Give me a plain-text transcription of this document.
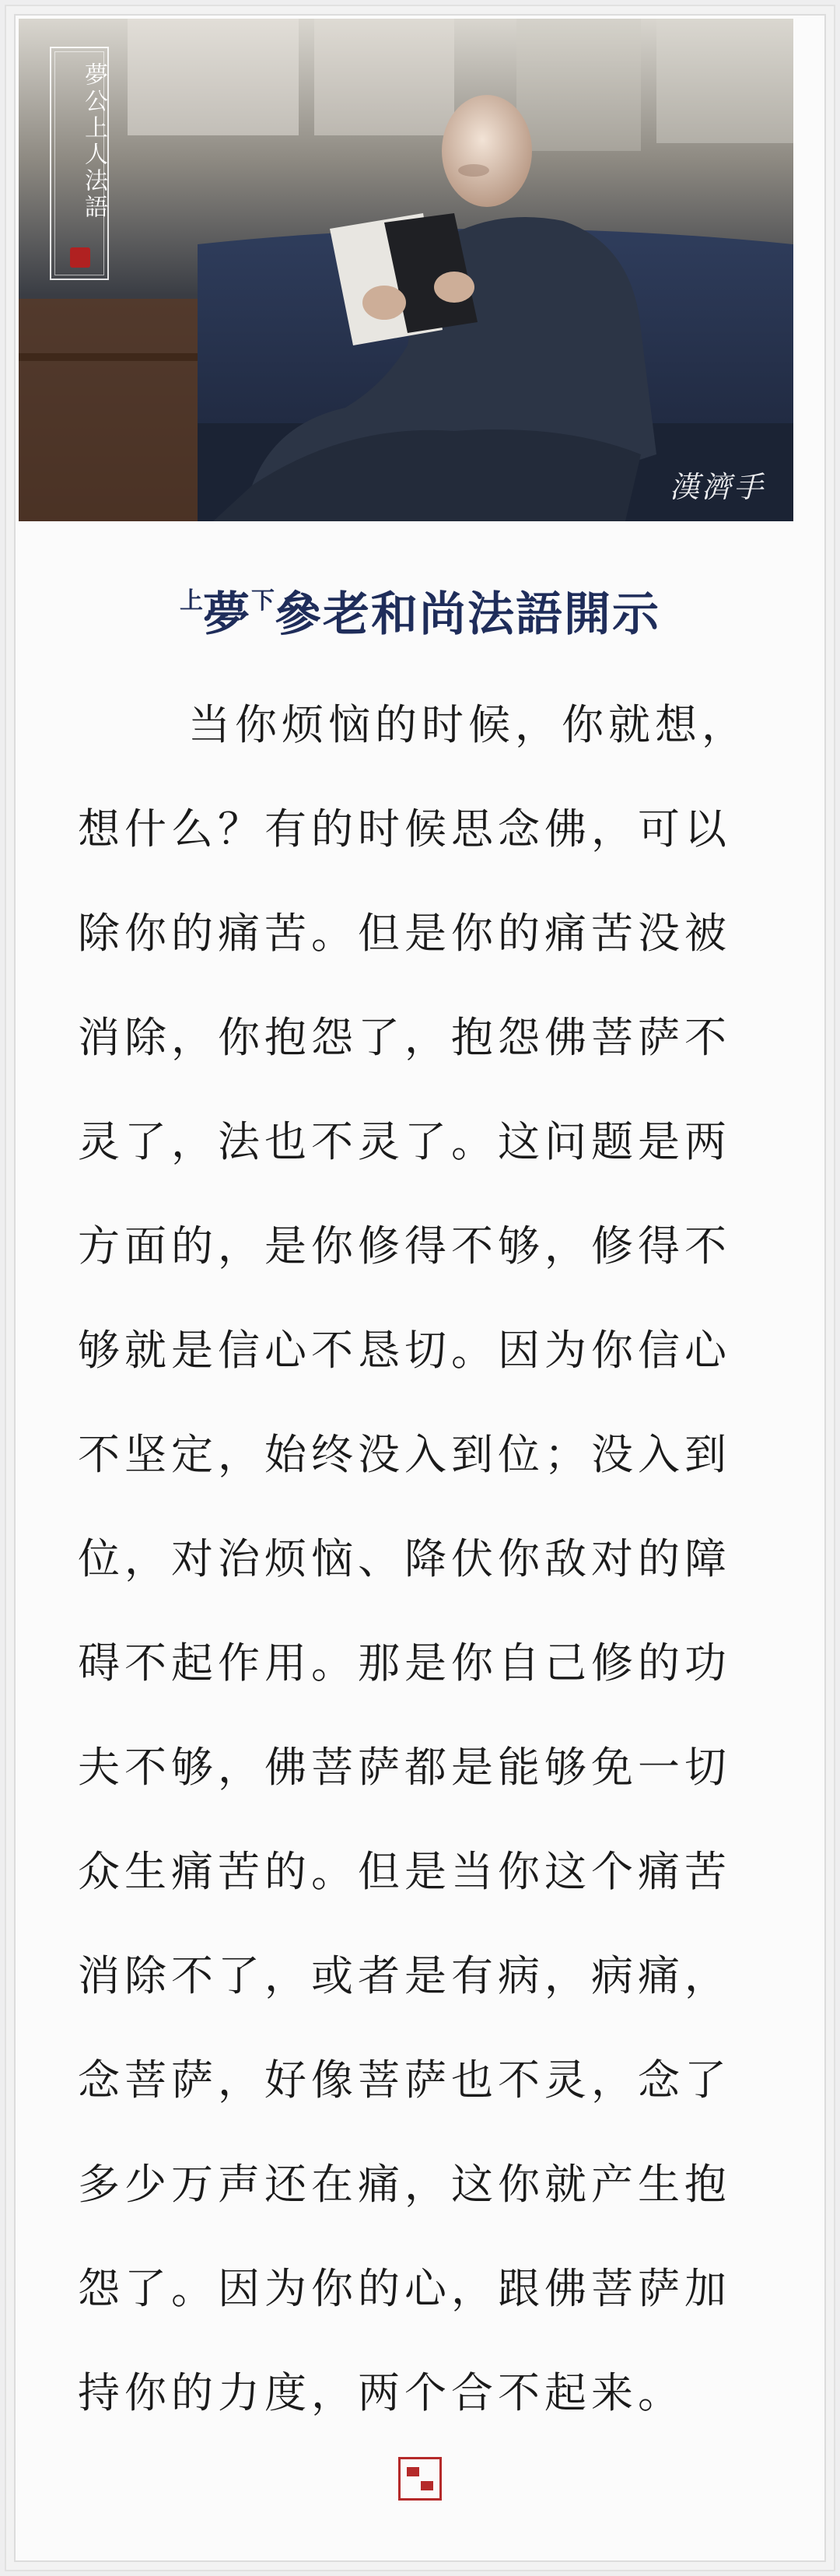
夢公上人法語
漢濟手
上夢下參老和尚法語開示
当你烦恼的时候，你就想，
想什么？有的时候思念佛，可以
除你的痛苦。但是你的痛苦没被
消除，你抱怨了，抱怨佛菩萨不
灵了，法也不灵了。这问题是两
方面的，是你修得不够，修得不
够就是信心不恳切。因为你信心
不坚定，始终没入到位；没入到
位，对治烦恼、降伏你敌对的障
碍不起作用。那是你自己修的功
夫不够，佛菩萨都是能够免一切
众生痛苦的。但是当你这个痛苦
消除不了，或者是有病，病痛，
念菩萨，好像菩萨也不灵，念了
多少万声还在痛，这你就产生抱
怨了。因为你的心，跟佛菩萨加
持你的力度，两个合不起来。
